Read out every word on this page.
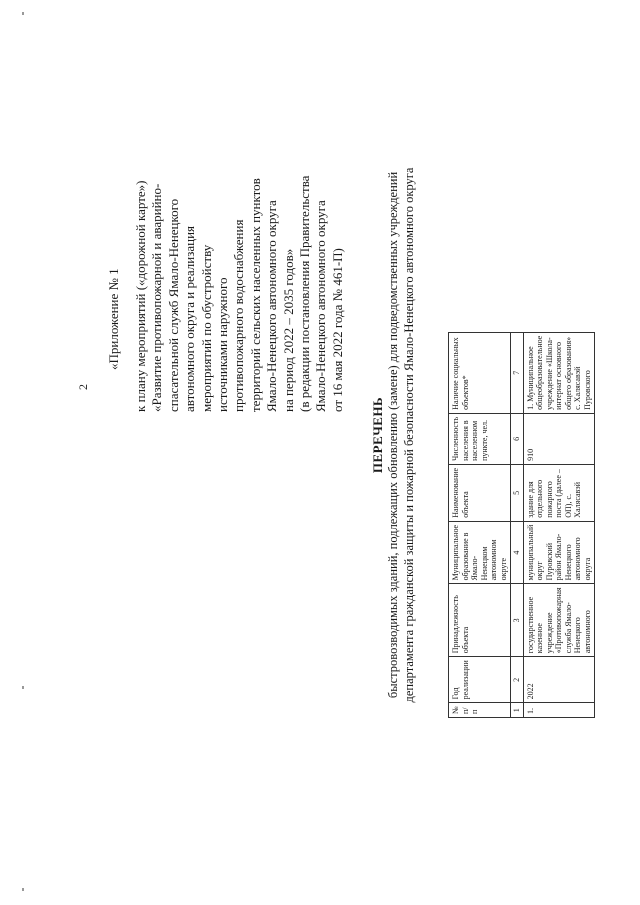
2
«Приложение № 1 к плану мероприятий («дорожной карте») «Развитие противопожарной и аварийно- спасательной служб Ямало-Ненецкого автономного округа и реализация мероприятий по обустройству источниками наружного противопожарного водоснабжения территорий сельских населенных пунктов Ямало-Ненецкого автономного округа на период 2022 – 2035 годов» (в редакции постановления Правительства Ямало-Ненецкого автономного округа от 16 мая 2022 года № 461-П)
ПЕРЕЧЕНЬ быстровозводимых зданий, подлежащих обновлению (замене) для подведомственных учреждений департамента гражданской защиты и пожарной безопасности Ямало-Ненецкого автономного округа
№ п/п	Год реализации	Принадлежность объекта	Муниципальное образование в Ямало-Ненецком автономном округе	Наименование объекта	Численность населения в населенном пункте, чел.	Наличие социальных объектов*
1	2	3	4	5	6	7
1.	2022	государственное казенное учреждение «Противопожарная служба Ямало-Ненецкого автономного	муниципальный округ Пуровский район Ямало-Ненецкого автономного округа	здание для отдельного пожарного поста (далее – ОП), с. Халясавэй	910	1. Муниципальное общеобразовательное учреждение «Школа-интернат основного общего образования» с. Халясавэй Пуровского
